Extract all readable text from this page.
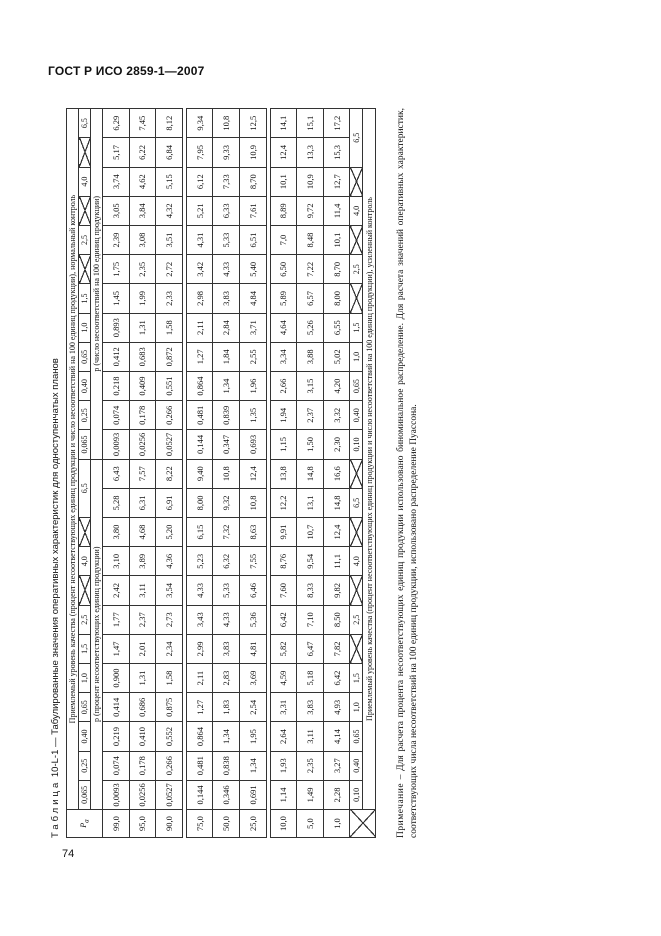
ГОСТ Р ИСО 2859-1—2007
Таблица 10-L-1 — Табулированные значения оперативных характеристик для одноступенчатых планов
$P_a$	Приемлемый уровень качества (процент несоответствующих единиц продукции и число несоответствий на 100 единиц продукции), нормальный контроль																							
	0,065	0,25	0,40	0,65	1,0	1,5	2,5		4,0		6,5		0,065	0,25	0,40	0,65	1,0	1,5		2,5		4,0		6,5
	p (процент несоответствующих единиц продукции)												p (число несоответствий на 100 единиц продукции)											
99,0	0,0093	0,074	0,219	0,414	0,900	1,47	1,77	2,42	3,10	3,80	5,28	6,43	0,0093	0,074	0,218	0,412	0,893	1,45	1,75	2,39	3,05	3,74	5,17	6,29
95,0	0,0256	0,178	0,410	0,686	1,31	2,01	2,37	3,11	3,89	4,68	6,31	7,57	0,0256	0,178	0,409	0,683	1,31	1,99	2,35	3,08	3,84	4,62	6,22	7,45
90,0	0,0527	0,266	0,552	0,875	1,58	2,34	2,73	3,54	4,36	5,20	6,91	8,22	0,0527	0,266	0,551	0,872	1,58	2,33	2,72	3,51	4,32	5,15	6,84	8,12

75,0	0,144	0,481	0,864	1,27	2,11	2,99	3,43	4,33	5,23	6,15	8,00	9,40	0,144	0,481	0,864	1,27	2,11	2,98	3,42	4,31	5,21	6,12	7,95	9,34
50,0	0,346	0,838	1,34	1,83	2,83	3,83	4,33	5,33	6,32	7,32	9,32	10,8	0,347	0,839	1,34	1,84	2,84	3,83	4,33	5,33	6,33	7,33	9,33	10,8
25,0	0,691	1,34	1,95	2,54	3,69	4,81	5,36	6,46	7,55	8,63	10,8	12,4	0,693	1,35	1,96	2,55	3,71	4,84	5,40	6,51	7,61	8,70	10,9	12,5

10,0	1,14	1,93	2,64	3,31	4,59	5,82	6,42	7,60	8,76	9,91	12,2	13,8	1,15	1,94	2,66	3,34	4,64	5,89	6,50	7,0	8,89	10,1	12,4	14,1
5,0	1,49	2,35	3,11	3,83	5,18	6,47	7,10	8,33	9,54	10,7	13,1	14,8	1,50	2,37	3,15	3,88	5,26	6,57	7,22	8,48	9,72	10,9	13,3	15,1
1,0	2,28	3,27	4,14	4,93	6,42	7,82	8,50	9,82	11,1	12,4	14,8	16,6	2,30	3,32	4,20	5,02	6,55	8,00	8,70	10,1	11,4	12,7	15,3	17,2
	0,10	0,40	0,65	1,0	1,5		2,5		4,0		6,5		0,10	0,40	0,65	1,0	1,5		2,5		4,0		6,5	
	Приемлемый уровень качества (процент несоответствующих единиц продукции и число несоответствий на 100 единиц продукции), усиленный контроль																							
Примечание – Для расчета процента несоответствующих единиц продукции использовано биноминальное распределение. Для расчета значений оперативных характеристик, соответствующих числа несоответствий на 100 единиц продукции, использовано распределение Пуассона.
74
